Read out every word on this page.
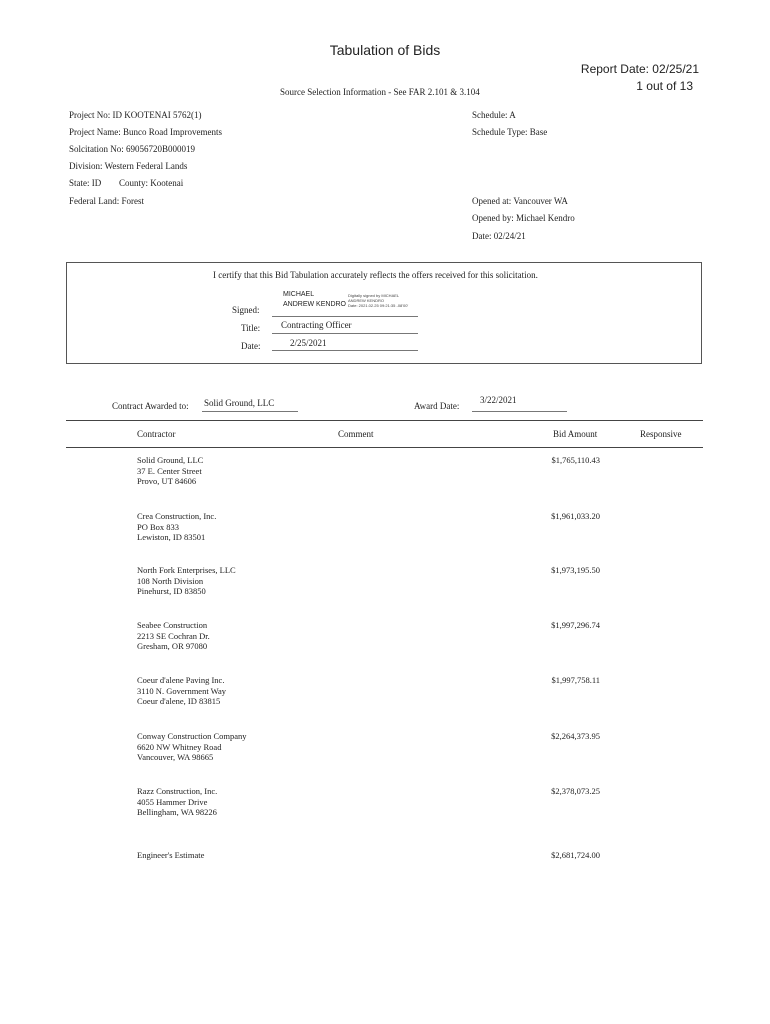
Tabulation of Bids
Report Date: 02/25/21
1 out of 13
Source Selection Information - See FAR 2.101 & 3.104
Project No: ID KOOTENAI 5762(1)
Project Name: Bunco Road Improvements
Solcitation No: 69056720B000019
Division: Western Federal Lands
State: ID County: Kootenai
Federal Land: Forest
Schedule: A
Schedule Type: Base
Opened at: Vancouver WA
Opened by: Michael Kendro
Date: 02/24/21
I certify that this Bid Tabulation accurately reflects the offers received for this solicitation.
Signed:
MICHAEL
ANDREW KENDRO
Digitally signed by MICHAEL
ANDREW KENDRO
Date: 2021.02.25 09:21:35 -08'00'
Title: Contracting Officer
Date:	2/25/2021
Contract Awarded to: Solid Ground, LLC	Award Date:
3/22/2021
Contractor	Comment	Bid Amount	Responsive
Solid Ground, LLC
37 E. Center Street
Provo, UT 84606
$1,765,110.43
Crea Construction, Inc.
PO Box 833
Lewiston, ID 83501
$1,961,033.20
North Fork Enterprises, LLC
108 North Division
Pinehurst, ID 83850
$1,973,195.50
Seabee Construction
2213 SE Cochran Dr.
Gresham, OR 97080
$1,997,296.74
Coeur d'alene Paving Inc.
3110 N. Government Way
Coeur d'alene, ID 83815
$1,997,758.11
Conway Construction Company
6620 NW Whitney Road
Vancouver, WA 98665
$2,264,373.95
Razz Construction, Inc.
4055 Hammer Drive
Bellingham, WA 98226
$2,378,073.25
Engineer's Estimate	$2,681,724.00
